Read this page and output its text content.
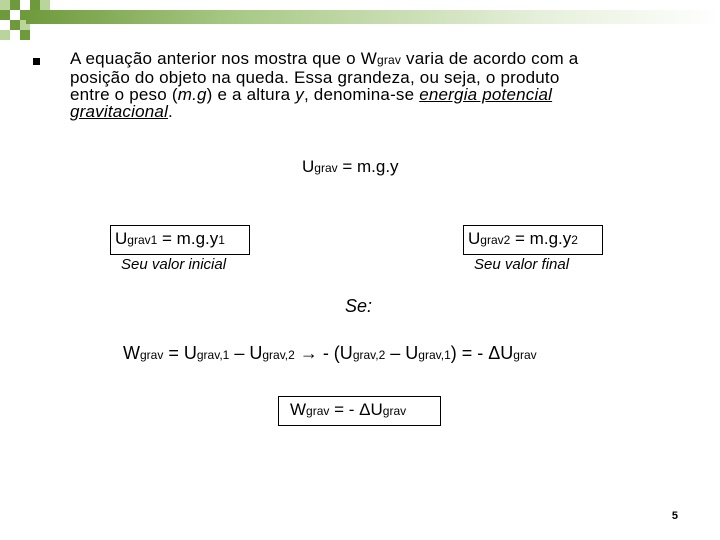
A equação anterior nos mostra que o Wgrav varia de acordo com a
posição do objeto na queda. Essa grandeza, ou seja, o produto
entre o peso (m.g) e a altura y, denomina-se energia potencial
gravitacional.
Ugrav = m.g.y
Ugrav1 = m.g.y1	Ugrav2 = m.g.y2
Seu valor inicial	Seu valor final
Se:
Wgrav = Ugrav,1 – Ugrav,2 → - (Ugrav,2 – Ugrav,1) = - ΔUgrav
Wgrav = - ΔUgrav
5
